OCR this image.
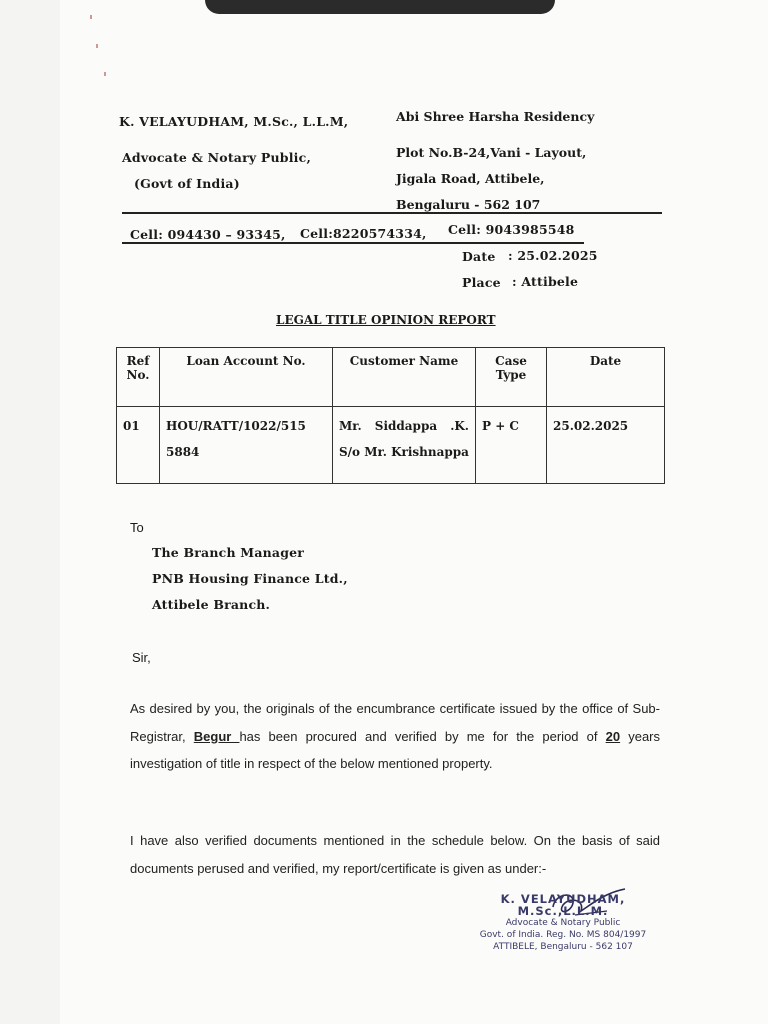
K. VELAYUDHAM, M.Sc., L.L.M,
Advocate & Notary Public,
(Govt of India)
Abi Shree Harsha Residency
Plot No.B-24,Vani - Layout,
Jigala Road, Attibele,
Bengaluru - 562 107
Cell: 094430 – 93345, Cell:8220574334, Cell: 9043985548
Date : 25.02.2025
Place : Attibele
LEGAL TITLE OPINION REPORT
Ref No.	Loan Account No.	Customer Name	Case Type	Date
01	HOU/RATT/1022/515 5884	Mr. Siddappa .K. S/o Mr. Krishnappa	P + C	25.02.2025
To
The Branch Manager
PNB Housing Finance Ltd.,
Attibele Branch.
Sir,
As desired by you, the originals of the encumbrance certificate issued by the office of Sub-Registrar, Begur has been procured and verified by me for the period of 20 years investigation of title in respect of the below mentioned property.
I have also verified documents mentioned in the schedule below. On the basis of said documents perused and verified, my report/certificate is given as under:-
K. VELAYUDHAM, M.Sc.,L.L.M.
Advocate & Notary Public
Govt. of India. Reg. No. MS 804/1997
ATTIBELE, Bengaluru - 562 107
